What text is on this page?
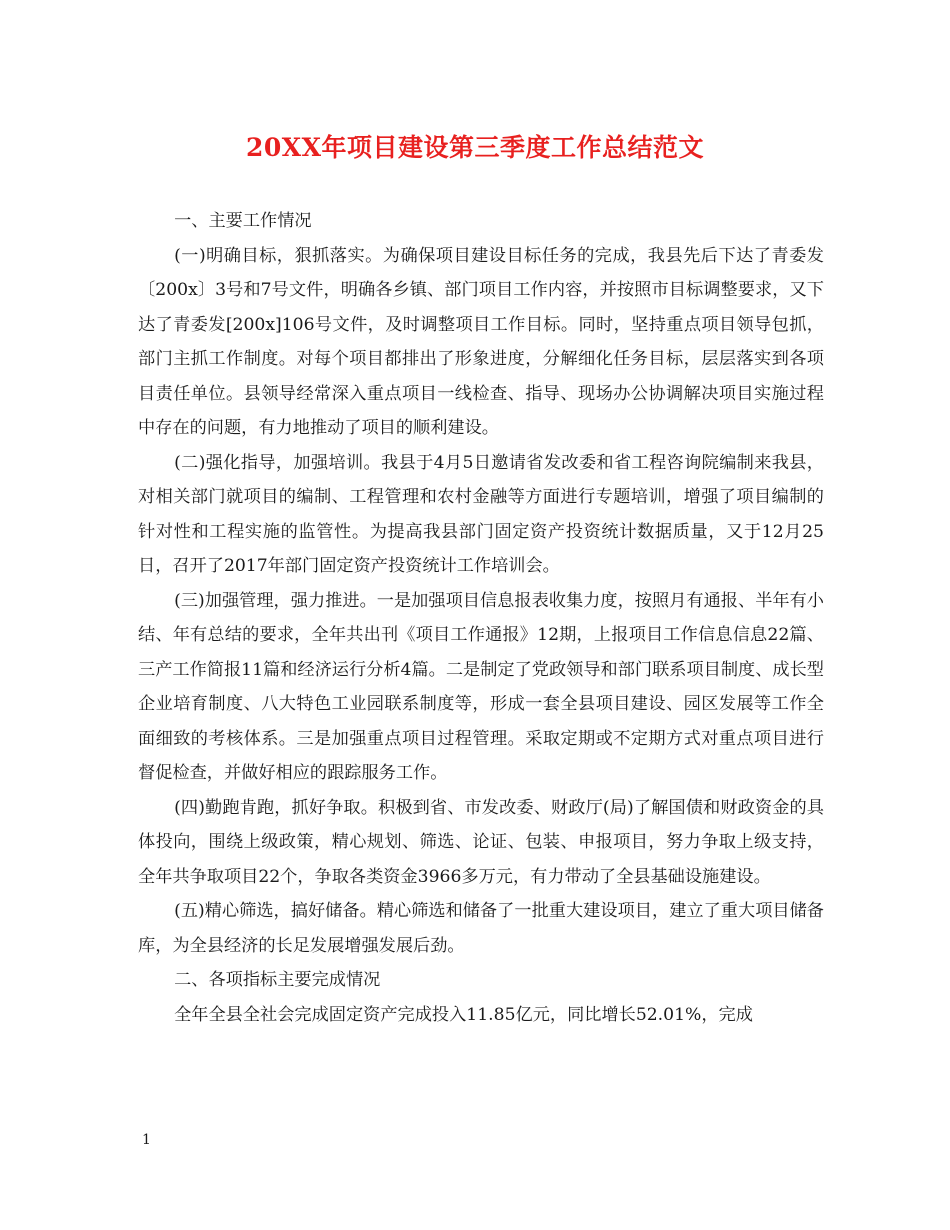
20XX年项目建设第三季度工作总结范文

一、主要工作情况

(一)明确目标，狠抓落实。为确保项目建设目标任务的完成，我县先后下达了青委发〔200x〕3号和7号文件，明确各乡镇、部门项目工作内容，并按照市目标调整要求，又下达了青委发[200x]106号文件，及时调整项目工作目标。同时，坚持重点项目领导包抓，部门主抓工作制度。对每个项目都排出了形象进度，分解细化任务目标，层层落实到各项目责任单位。县领导经常深入重点项目一线检查、指导、现场办公协调解决项目实施过程中存在的问题，有力地推动了项目的顺利建设。

(二)强化指导，加强培训。我县于4月5日邀请省发改委和省工程咨询院编制来我县，对相关部门就项目的编制、工程管理和农村金融等方面进行专题培训，增强了项目编制的针对性和工程实施的监管性。为提高我县部门固定资产投资统计数据质量，又于12月25日，召开了2017年部门固定资产投资统计工作培训会。

(三)加强管理，强力推进。一是加强项目信息报表收集力度，按照月有通报、半年有小结、年有总结的要求，全年共出刊《项目工作通报》12期，上报项目工作信息信息22篇、三产工作简报11篇和经济运行分析4篇。二是制定了党政领导和部门联系项目制度、成长型企业培育制度、八大特色工业园联系制度等，形成一套全县项目建设、园区发展等工作全面细致的考核体系。三是加强重点项目过程管理。采取定期或不定期方式对重点项目进行督促检查，并做好相应的跟踪服务工作。

(四)勤跑肯跑，抓好争取。积极到省、市发改委、财政厅(局)了解国债和财政资金的具体投向，围绕上级政策，精心规划、筛选、论证、包装、申报项目，努力争取上级支持，全年共争取项目22个，争取各类资金3966多万元，有力带动了全县基础设施建设。

(五)精心筛选，搞好储备。精心筛选和储备了一批重大建设项目，建立了重大项目储备库，为全县经济的长足发展增强发展后劲。

二、各项指标主要完成情况

全年全县全社会完成固定资产完成投入11.85亿元，同比增长52.01%，完成

1
